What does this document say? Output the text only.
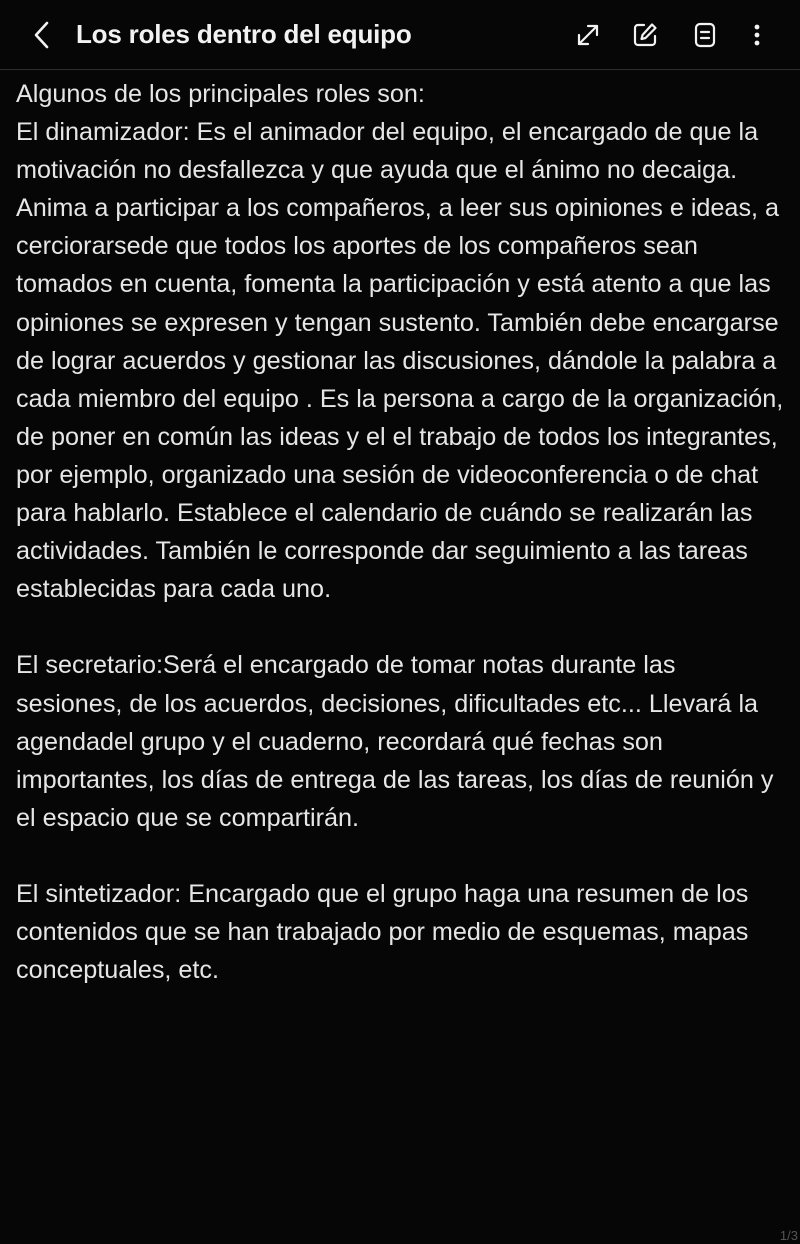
Los roles dentro del equipo

Algunos de los principales roles son:
El dinamizador: Es el animador del equipo, el encargado de que la motivación no desfallezca y que ayuda que el ánimo no decaiga. Anima a participar a los compañeros, a leer sus opiniones e ideas, a cerciorarsede que todos los aportes de los compañeros sean tomados en cuenta, fomenta la participación y está atento a que las opiniones se expresen y tengan sustento. También debe encargarse de lograr acuerdos y gestionar las discusiones, dándole la palabra a cada miembro del equipo . Es la persona a cargo de la organización, de poner en común las ideas y el el trabajo de todos los integrantes, por ejemplo, organizado una sesión de videoconferencia o de chat para hablarlo. Establece el calendario de cuándo se realizarán las actividades. También le corresponde dar seguimiento a las tareas establecidas para cada uno.

El secretario:Será el encargado de tomar notas durante las sesiones, de los acuerdos, decisiones, dificultades etc... Llevará la agendadel grupo y el cuaderno, recordará qué fechas son importantes, los días de entrega de las tareas, los días de reunión y el espacio que se compartirán.

El sintetizador: Encargado que el grupo haga una resumen de los contenidos que se han trabajado por medio de esquemas, mapas conceptuales, etc.

1/3
